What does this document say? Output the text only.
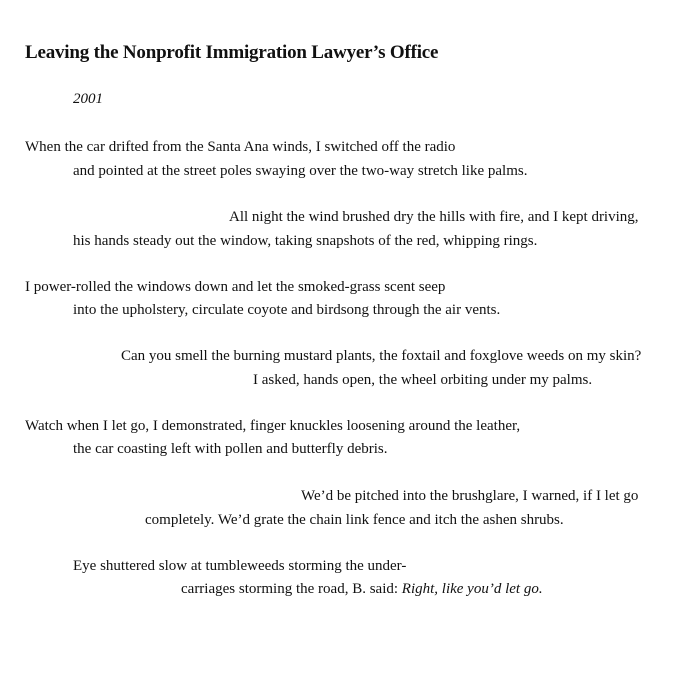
Leaving the Nonprofit Immigration Lawyer’s Office
2001
When the car drifted from the Santa Ana winds, I switched off the radio
and pointed at the street poles swaying over the two-way stretch like palms.
All night the wind brushed dry the hills with fire, and I kept driving,
his hands steady out the window, taking snapshots of the red, whipping rings.
I power-rolled the windows down and let the smoked-grass scent seep
into the upholstery, circulate coyote and birdsong through the air vents.
Can you smell the burning mustard plants, the foxtail and foxglove weeds on my skin?
I asked, hands open, the wheel orbiting under my palms.
Watch when I let go, I demonstrated, finger knuckles loosening around the leather,
the car coasting left with pollen and butterfly debris.
We’d be pitched into the brushglare, I warned, if I let go
completely. We’d grate the chain link fence and itch the ashen shrubs.
Eye shuttered slow at tumbleweeds storming the under-
carriages storming the road, B. said: Right, like you’d let go.
